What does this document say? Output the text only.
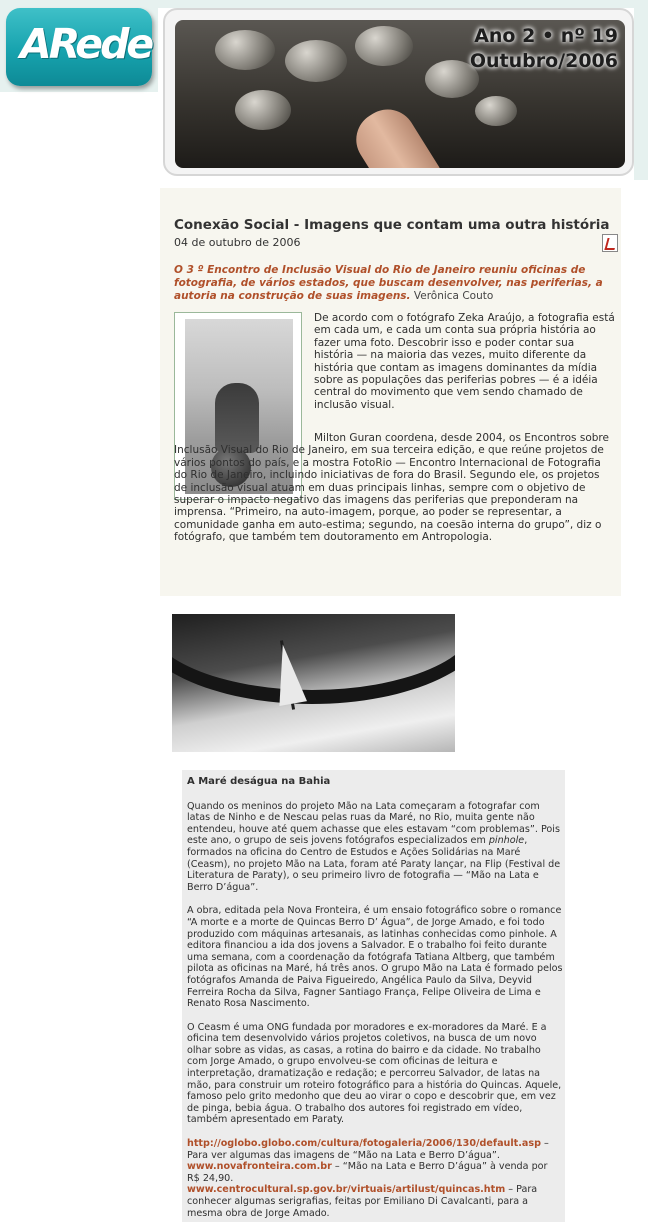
ARede	Ano 2 • nº 19
Outubro/2006
Conexão Social - Imagens que contam uma outra história
04 de outubro de 2006
O 3 º Encontro de Inclusão Visual do Rio de Janeiro reuniu oficinas de fotografia, de vários estados, que buscam desenvolver, nas periferias, a autoria na construção de suas imagens. Verônica Couto
De acordo com o fotógrafo Zeka Araújo, a fotografia está em cada um, e cada um conta sua própria história ao fazer uma foto. Descobrir isso e poder contar sua história — na maioria das vezes, muito diferente da história que contam as imagens dominantes da mídia sobre as populações das periferias pobres — é a idéia central do movimento que vem sendo chamado de inclusão visual.
Milton Guran coordena, desde 2004, os Encontros sobre Inclusão Visual do Rio de Janeiro, em sua terceira edição, e que reúne projetos de vários pontos do país, e a mostra FotoRio — Encontro Internacional de Fotografia do Rio de Janeiro, incluindo iniciativas de fora do Brasil. Segundo ele, os projetos de inclusão visual atuam em duas principais linhas, sempre com o objetivo de superar o impacto negativo das imagens das periferias que preponderam na imprensa. “Primeiro, na auto-imagem, porque, ao poder se representar, a comunidade ganha em auto-estima; segundo, na coesão interna do grupo”, diz o fotógrafo, que também tem doutoramento em Antropologia.
A Maré deságua na Bahia
Quando os meninos do projeto Mão na Lata começaram a fotografar com latas de Ninho e de Nescau pelas ruas da Maré, no Rio, muita gente não entendeu, houve até quem achasse que eles estavam “com problemas”. Pois este ano, o grupo de seis jovens fotógrafos especializados em pinhole, formados na oficina do Centro de Estudos e Ações Solidárias na Maré (Ceasm), no projeto Mão na Lata, foram até Paraty lançar, na Flip (Festival de Literatura de Paraty), o seu primeiro livro de fotografia — “Mão na Lata e Berro D’água”.
A obra, editada pela Nova Fronteira, é um ensaio fotográfico sobre o romance “A morte e a morte de Quincas Berro D’ Água”, de Jorge Amado, e foi todo produzido com máquinas artesanais, as latinhas conhecidas como pinhole. A editora financiou a ida dos jovens a Salvador. E o trabalho foi feito durante uma semana, com a coordenação da fotógrafa Tatiana Altberg, que também pilota as oficinas na Maré, há três anos. O grupo Mão na Lata é formado pelos fotógrafos Amanda de Paiva Figueiredo, Angélica Paulo da Silva, Deyvid Ferreira Rocha da Silva, Fagner Santiago França, Felipe Oliveira de Lima e Renato Rosa Nascimento.
O Ceasm é uma ONG fundada por moradores e ex-moradores da Maré. E a oficina tem desenvolvido vários projetos coletivos, na busca de um novo olhar sobre as vidas, as casas, a rotina do bairro e da cidade. No trabalho com Jorge Amado, o grupo envolveu-se com oficinas de leitura e interpretação, dramatização e redação; e percorreu Salvador, de latas na mão, para construir um roteiro fotográfico para a história do Quincas. Aquele, famoso pelo grito medonho que deu ao virar o copo e descobrir que, em vez de pinga, bebia água. O trabalho dos autores foi registrado em vídeo, também apresentado em Paraty.
http://oglobo.globo.com/cultura/fotogaleria/2006/130/default.asp – Para ver algumas das imagens de “Mão na Lata e Berro D’água”.
www.novafronteira.com.br – “Mão na Lata e Berro D’água” à venda por R$ 24,90.
www.centrocultural.sp.gov.br/virtuais/artilust/quincas.htm – Para conhecer algumas serigrafias, feitas por Emiliano Di Cavalcanti, para a mesma obra de Jorge Amado.
